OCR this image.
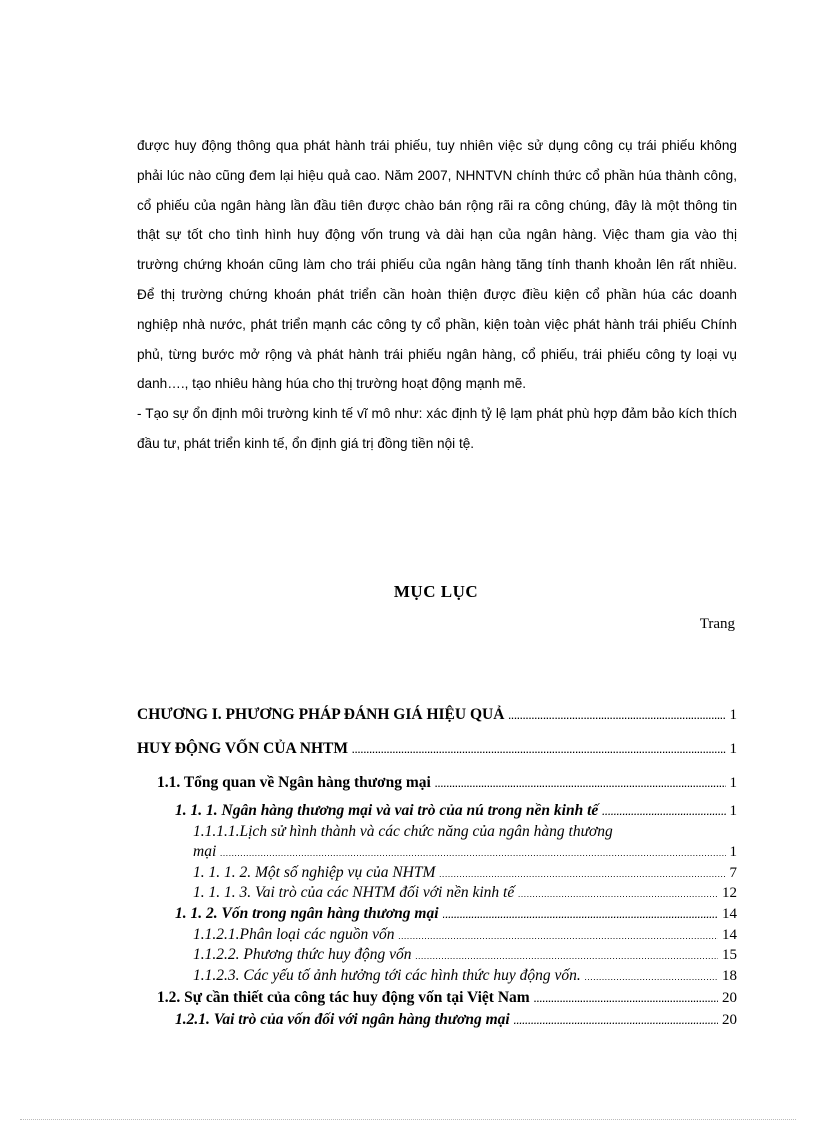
được huy động thông qua phát hành trái phiếu, tuy nhiên việc sử dụng công cụ trái phiếu không phải lúc nào cũng đem lại hiệu quả cao. Năm 2007, NHNTVN chính thức cổ phần húa thành công, cổ phiếu của ngân hàng lần đầu tiên được chào bán rộng rãi ra công chúng, đây là một thông tin thật sự tốt cho tình hình huy động vốn trung và dài hạn của ngân hàng. Việc tham gia vào thị trường chứng khoán cũng làm cho trái phiếu của ngân hàng tăng tính thanh khoản lên rất nhiều. Để thị trường chứng khoán phát triển cần hoàn thiện được điều kiện cổ phần húa các doanh nghiệp nhà nước, phát triển mạnh các công ty cổ phần, kiện toàn việc phát hành trái phiếu Chính phủ, từng bước mở rộng và phát hành trái phiếu ngân hàng, cổ phiếu, trái phiếu công ty loại vụ danh…., tạo nhiêu hàng húa cho thị trường hoạt động mạnh mẽ.

- Tạo sự ổn định môi trường kinh tế vĩ mô như: xác định tỷ lệ lạm phát phù hợp đảm bảo kích thích đầu tư, phát triển kinh tế, ổn định giá trị đồng tiền nội tệ.

MỤC LỤC
Trang
CHƯƠNG I. PHƯƠNG PHÁP ĐÁNH GIÁ HIỆU QUẢ .....	1
HUY ĐỘNG VỐN CỦA NHTM .....	1
1.1. Tổng quan về Ngân hàng thương mại .....	1
1. 1. 1. Ngân hàng thương mại và vai trò của nú trong nền kinh tế .....	1
1.1.1.1.Lịch sử hình thành và các chức năng của ngân hàng thương
mại .....	1
1. 1. 1. 2. Một số nghiệp vụ của NHTM .....	7
1. 1. 1. 3. Vai trò của các NHTM đối với nền kinh tế .....	12
1. 1. 2. Vốn trong ngân hàng thương mại .....	14
1.1.2.1.Phân loại các nguồn vốn .....	14
1.1.2.2. Phương thức huy động vốn .....	15
1.1.2.3. Các yếu tố ảnh hưởng tới các hình thức huy động vốn. .....	18
1.2. Sự cần thiết của công tác huy động vốn tại Việt Nam .....	20
1.2.1. Vai trò của vốn đối với ngân hàng thương mại .....	20
